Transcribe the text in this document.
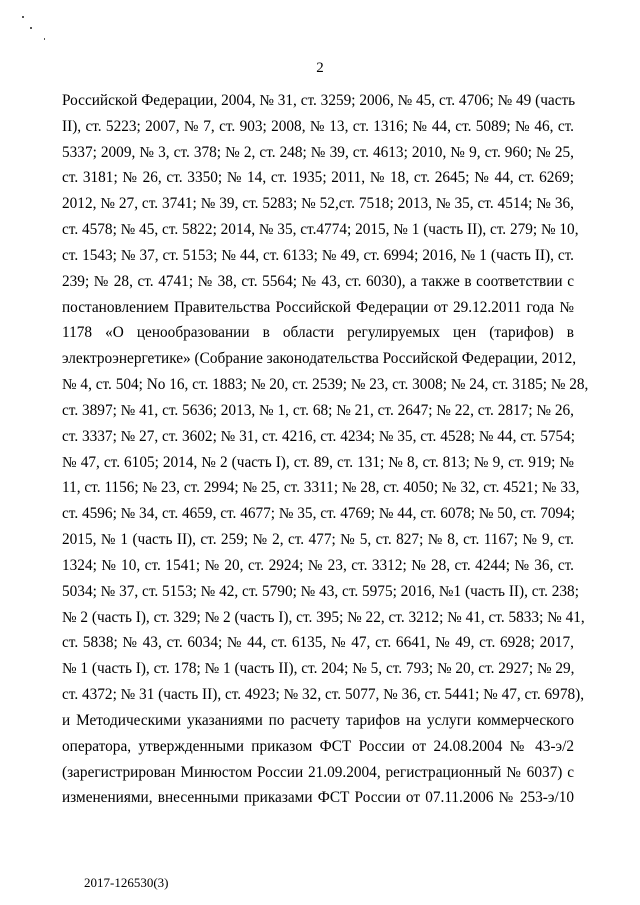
2
Российской Федерации, 2004, № 31, ст. 3259; 2006, № 45, ст. 4706; № 49 (часть
II), ст. 5223; 2007, № 7, ст. 903; 2008, № 13, ст. 1316; № 44, ст. 5089; № 46, ст.
5337; 2009, № 3, ст. 378; № 2, ст. 248; № 39, ст. 4613; 2010, № 9, ст. 960; № 25,
ст. 3181; № 26, ст. 3350; № 14, ст. 1935; 2011, № 18, ст. 2645; № 44, ст. 6269;
2012, № 27, ст. 3741; № 39, ст. 5283; № 52,ст. 7518; 2013, № 35, ст. 4514; № 36,
ст. 4578; № 45, ст. 5822; 2014, № 35, ст.4774; 2015, № 1 (часть II), ст. 279; № 10,
ст. 1543; № 37, ст. 5153; № 44, ст. 6133; № 49, ст. 6994; 2016, № 1 (часть II), ст.
239; № 28, ст. 4741; № 38, ст. 5564; № 43, ст. 6030), а также в соответствии с
постановлением Правительства Российской Федерации от 29.12.2011 года №
1178 «О ценообразовании в области регулируемых цен (тарифов) в
электроэнергетике» (Собрание законодательства Российской Федерации, 2012,
№ 4, ст. 504; No 16, ст. 1883; № 20, ст. 2539; № 23, ст. 3008; № 24, ст. 3185; № 28,
ст. 3897; № 41, ст. 5636; 2013, № 1, ст. 68; № 21, ст. 2647; № 22, ст. 2817; № 26,
ст. 3337; № 27, ст. 3602; № 31, ст. 4216, ст. 4234; № 35, ст. 4528; № 44, ст. 5754;
№ 47, ст. 6105; 2014, № 2 (часть I), ст. 89, ст. 131; № 8, ст. 813; № 9, ст. 919; №
11, ст. 1156; № 23, ст. 2994; № 25, ст. 3311; № 28, ст. 4050; № 32, ст. 4521; № 33,
ст. 4596; № 34, ст. 4659, ст. 4677; № 35, ст. 4769; № 44, ст. 6078; № 50, ст. 7094;
2015, № 1 (часть II), ст. 259; № 2, ст. 477; № 5, ст. 827; № 8, ст. 1167; № 9, ст.
1324; № 10, ст. 1541; № 20, ст. 2924; № 23, ст. 3312; № 28, ст. 4244; № 36, ст.
5034; № 37, ст. 5153; № 42, ст. 5790; № 43, ст. 5975; 2016, №1 (часть II), ст. 238;
№ 2 (часть I), ст. 329; № 2 (часть I), ст. 395; № 22, ст. 3212; № 41, ст. 5833; № 41,
ст. 5838; № 43, ст. 6034; № 44, ст. 6135, № 47, ст. 6641, № 49, ст. 6928; 2017,
№ 1 (часть I), ст. 178; № 1 (часть II), ст. 204; № 5, ст. 793; № 20, ст. 2927; № 29,
ст. 4372; № 31 (часть II), ст. 4923; № 32, ст. 5077, № 36, ст. 5441; № 47, ст. 6978),
и Методическими указаниями по расчету тарифов на услуги коммерческого
оператора, утвержденными приказом ФСТ России от 24.08.2004 № 43-э/2
(зарегистрирован Минюстом России 21.09.2004, регистрационный № 6037) с
изменениями, внесенными приказами ФСТ России от 07.11.2006 № 253-э/10
2017-126530(3)
